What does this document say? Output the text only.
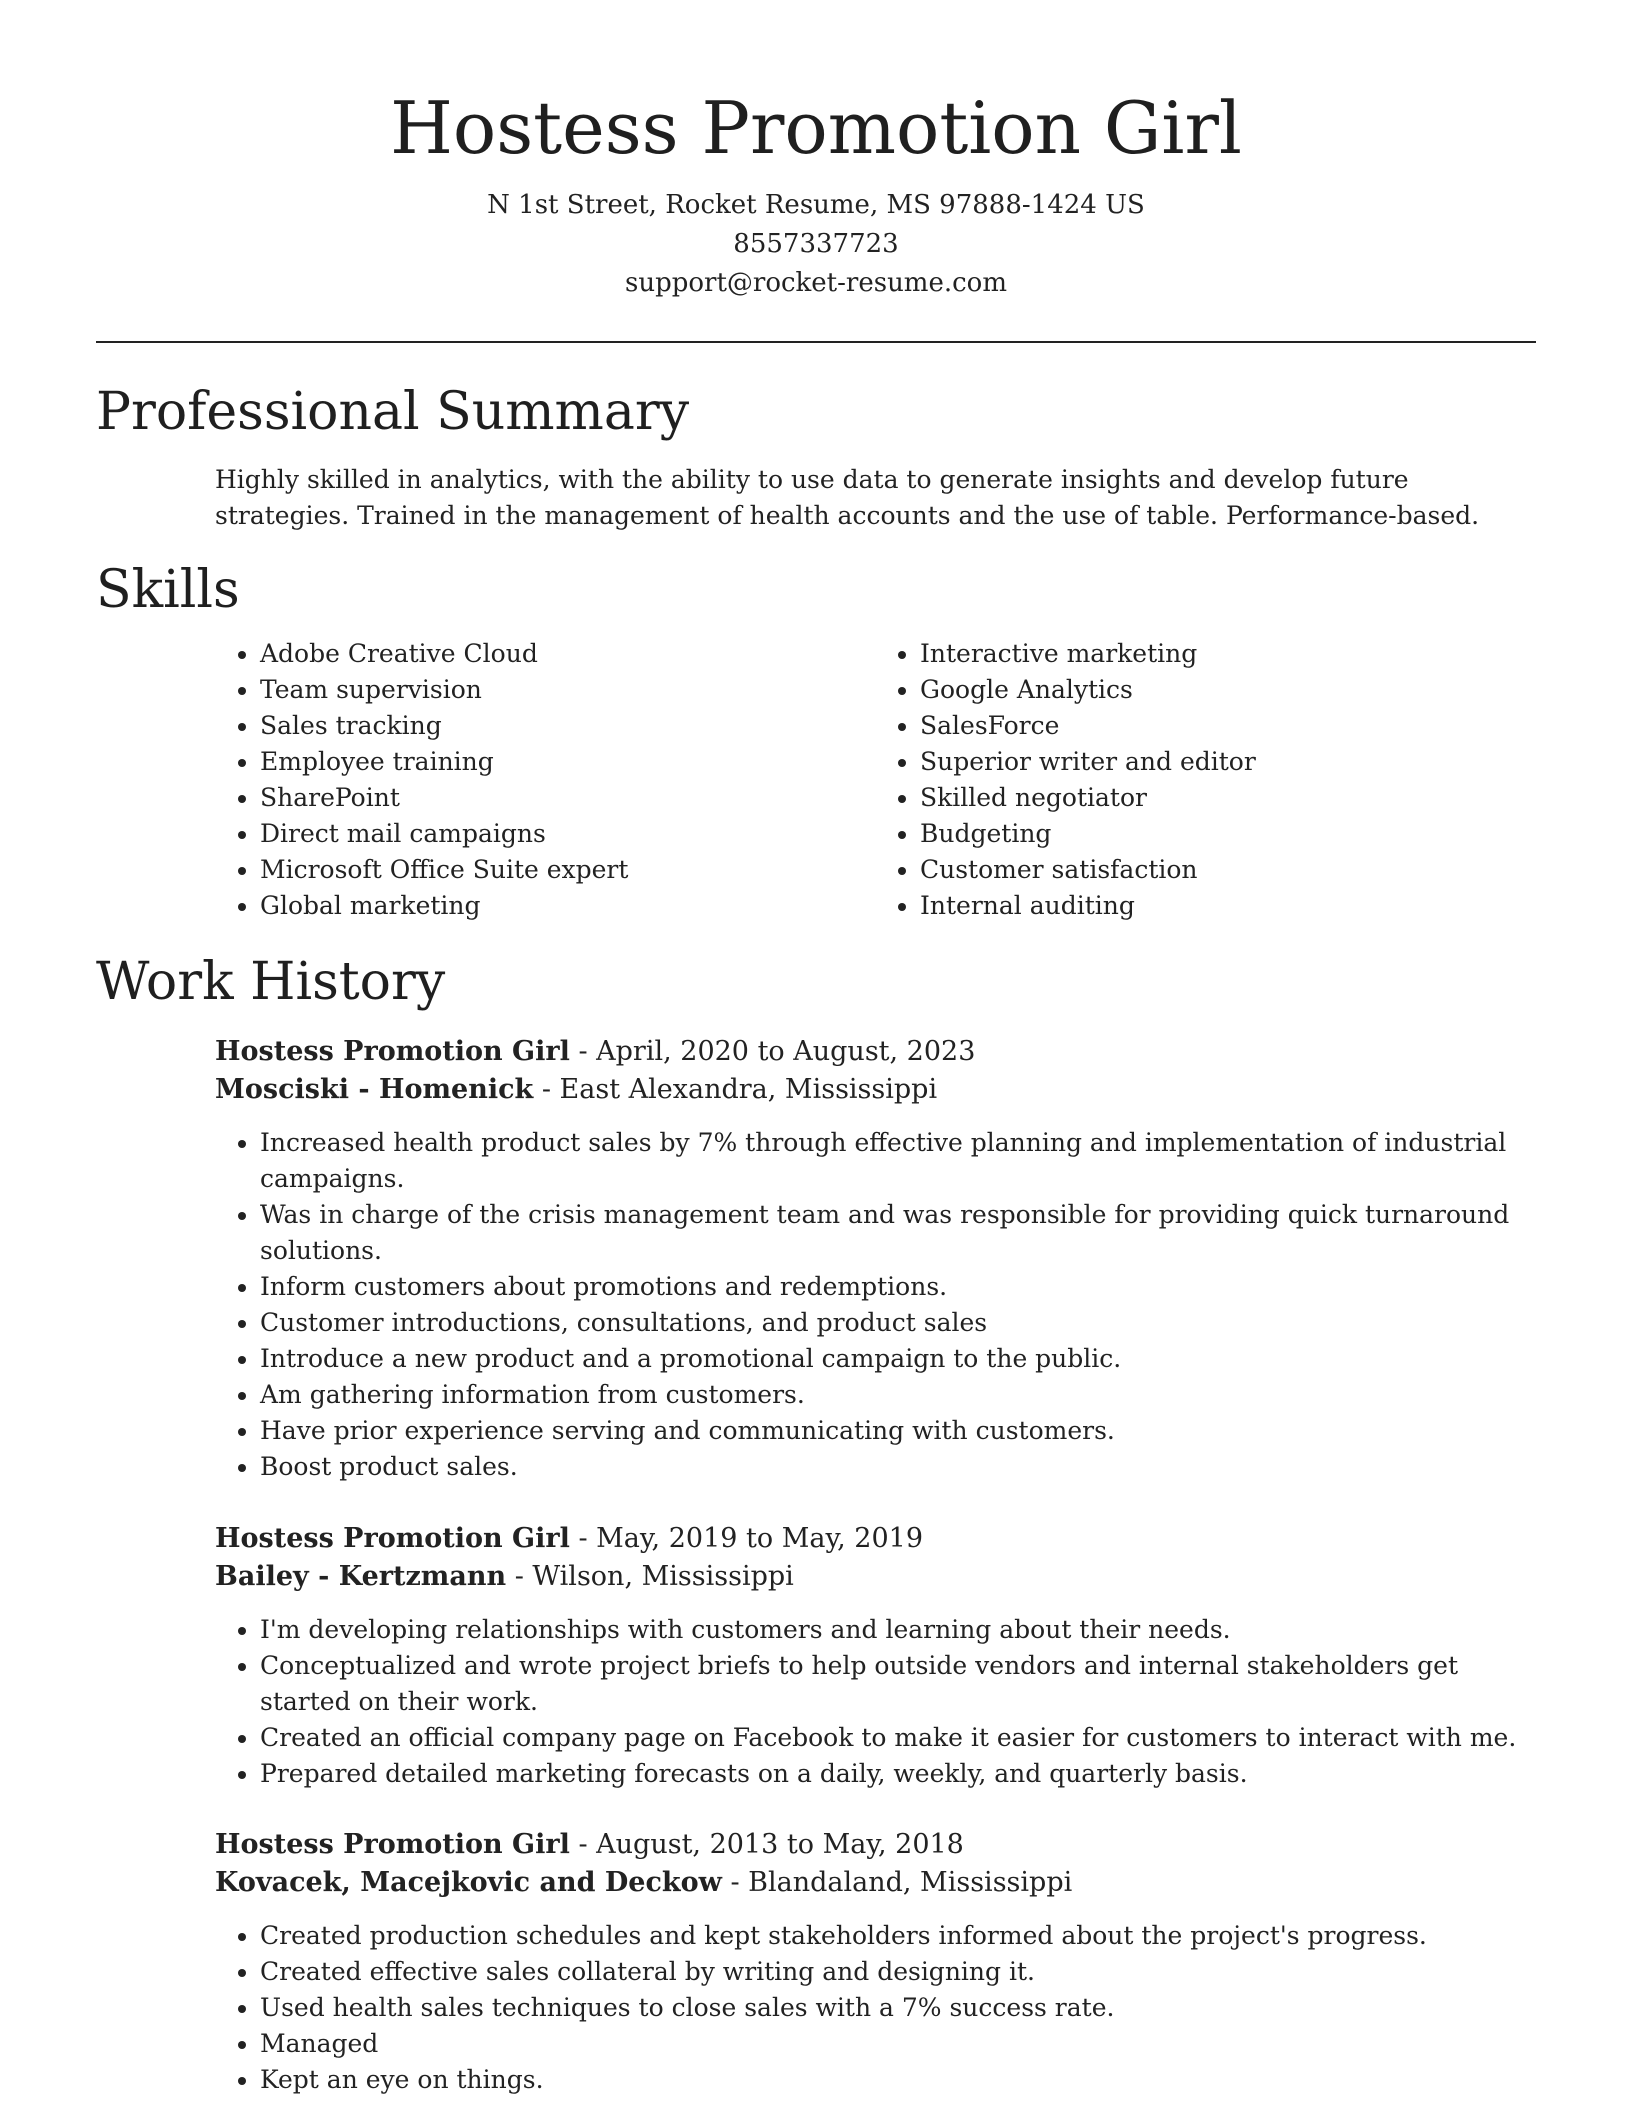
Hostess Promotion Girl
N 1st Street, Rocket Resume, MS 97888-1424 US
8557337723
support@rocket-resume.com
Professional Summary
Highly skilled in analytics, with the ability to use data to generate insights and develop future strategies. Trained in the management of health accounts and the use of table. Performance-based.
Skills
• Adobe Creative Cloud
• Team supervision
• Sales tracking
• Employee training
• SharePoint
• Direct mail campaigns
• Microsoft Office Suite expert
• Global marketing
• Interactive marketing
• Google Analytics
• SalesForce
• Superior writer and editor
• Skilled negotiator
• Budgeting
• Customer satisfaction
• Internal auditing
Work History
Hostess Promotion Girl - April, 2020 to August, 2023
Mosciski - Homenick - East Alexandra, Mississippi
• Increased health product sales by 7% through effective planning and implementation of industrial campaigns.
• Was in charge of the crisis management team and was responsible for providing quick turnaround solutions.
• Inform customers about promotions and redemptions.
• Customer introductions, consultations, and product sales
• Introduce a new product and a promotional campaign to the public.
• Am gathering information from customers.
• Have prior experience serving and communicating with customers.
• Boost product sales.
Hostess Promotion Girl - May, 2019 to May, 2019
Bailey - Kertzmann - Wilson, Mississippi
• I'm developing relationships with customers and learning about their needs.
• Conceptualized and wrote project briefs to help outside vendors and internal stakeholders get started on their work.
• Created an official company page on Facebook to make it easier for customers to interact with me.
• Prepared detailed marketing forecasts on a daily, weekly, and quarterly basis.
Hostess Promotion Girl - August, 2013 to May, 2018
Kovacek, Macejkovic and Deckow - Blandaland, Mississippi
• Created production schedules and kept stakeholders informed about the project's progress.
• Created effective sales collateral by writing and designing it.
• Used health sales techniques to close sales with a 7% success rate.
• Managed
• Kept an eye on things.
